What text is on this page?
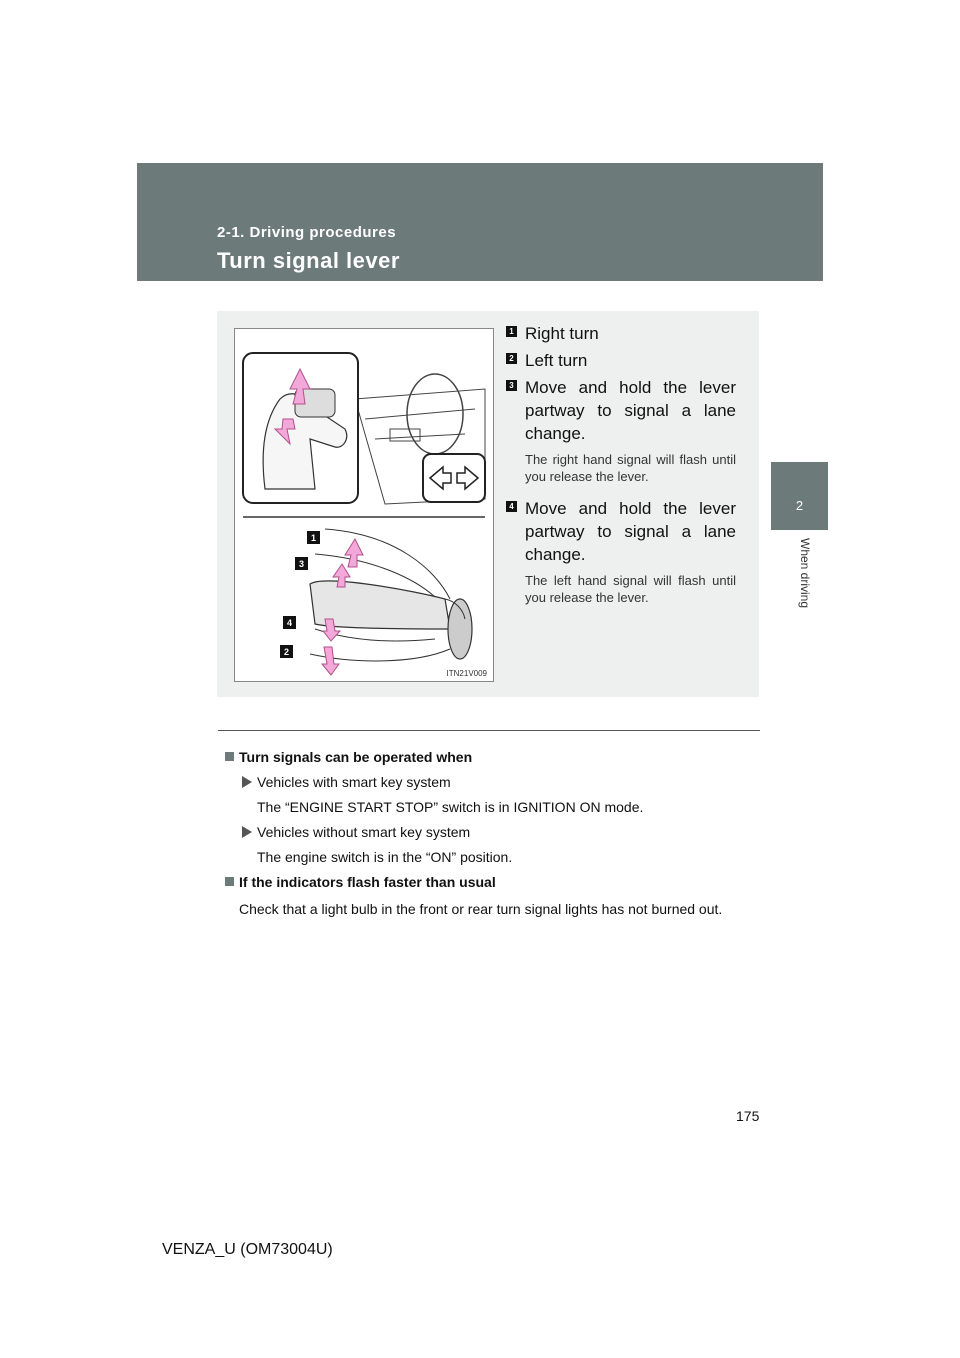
2-1. Driving procedures
Turn signal lever
2
When driving
1
3
4
2
ITN21V009
1 Right turn
2 Left turn
3 Move and hold the lever partway to signal a lane change.
The right hand signal will flash until you release the lever.
4 Move and hold the lever partway to signal a lane change.
The left hand signal will flash until you release the lever.
Turn signals can be operated when
Vehicles with smart key system
The “ENGINE START STOP” switch is in IGNITION ON mode.
Vehicles without smart key system
The engine switch is in the “ON” position.
If the indicators flash faster than usual
Check that a light bulb in the front or rear turn signal lights has not burned out.
175
VENZA_U (OM73004U)
